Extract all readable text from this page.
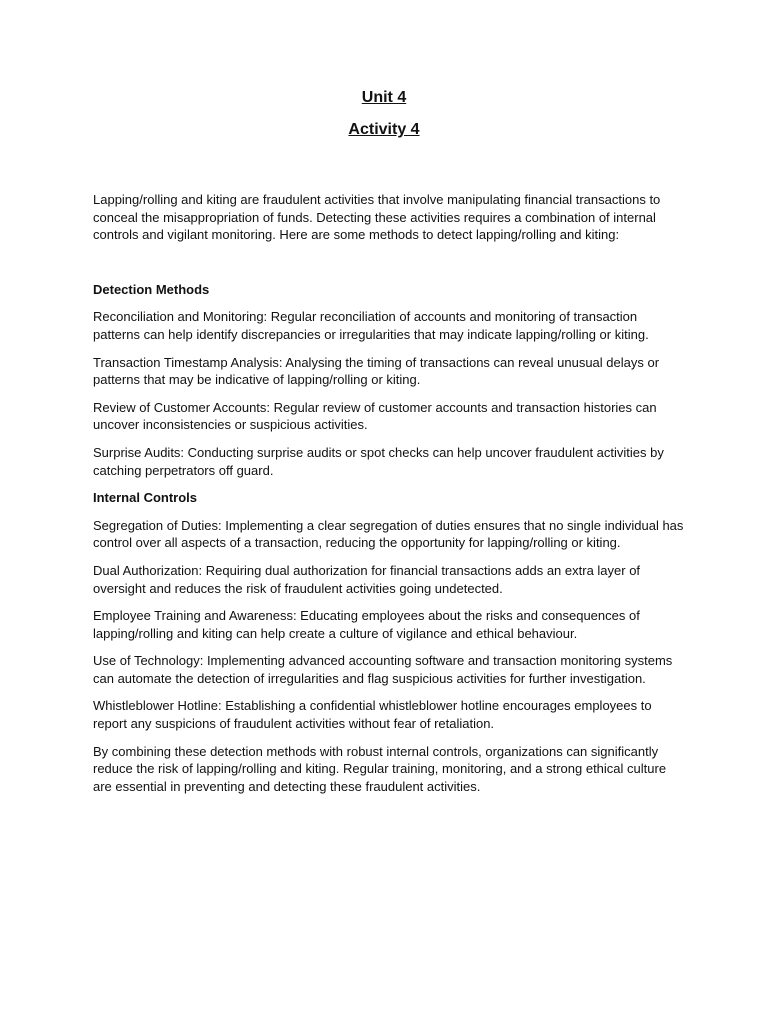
Unit 4
Activity 4

Lapping/rolling and kiting are fraudulent activities that involve manipulating financial transactions to conceal the misappropriation of funds. Detecting these activities requires a combination of internal controls and vigilant monitoring. Here are some methods to detect lapping/rolling and kiting:

Detection Methods

Reconciliation and Monitoring: Regular reconciliation of accounts and monitoring of transaction patterns can help identify discrepancies or irregularities that may indicate lapping/rolling or kiting.

Transaction Timestamp Analysis: Analysing the timing of transactions can reveal unusual delays or patterns that may be indicative of lapping/rolling or kiting.

Review of Customer Accounts: Regular review of customer accounts and transaction histories can uncover inconsistencies or suspicious activities.

Surprise Audits: Conducting surprise audits or spot checks can help uncover fraudulent activities by catching perpetrators off guard.

Internal Controls

Segregation of Duties: Implementing a clear segregation of duties ensures that no single individual has control over all aspects of a transaction, reducing the opportunity for lapping/rolling or kiting.

Dual Authorization: Requiring dual authorization for financial transactions adds an extra layer of oversight and reduces the risk of fraudulent activities going undetected.

Employee Training and Awareness: Educating employees about the risks and consequences of lapping/rolling and kiting can help create a culture of vigilance and ethical behaviour.

Use of Technology: Implementing advanced accounting software and transaction monitoring systems can automate the detection of irregularities and flag suspicious activities for further investigation.

Whistleblower Hotline: Establishing a confidential whistleblower hotline encourages employees to report any suspicions of fraudulent activities without fear of retaliation.

By combining these detection methods with robust internal controls, organizations can significantly reduce the risk of lapping/rolling and kiting. Regular training, monitoring, and a strong ethical culture are essential in preventing and detecting these fraudulent activities.
